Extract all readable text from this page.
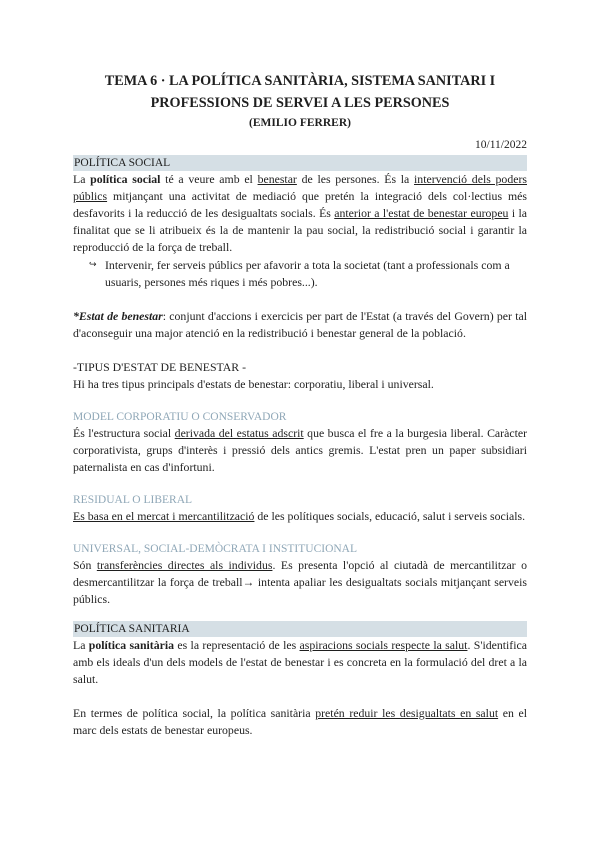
TEMA 6 · LA POLÍTICA SANITÀRIA, SISTEMA SANITARI I
PROFESSIONS DE SERVEI A LES PERSONES
(EMILIO FERRER)
10/11/2022
POLÍTICA SOCIAL

La política social té a veure amb el benestar de les persones. És la intervenció dels poders públics mitjançant una activitat de mediació que pretén la integració dels col·lectius més desfavorits i la reducció de les desigualtats socials. És anterior a l'estat de benestar europeu i la finalitat que se li atribueix és la de mantenir la pau social, la redistribució social i garantir la reproducció de la força de treball.

↪ Intervenir, fer serveis públics per afavorir a tota la societat (tant a professionals com a usuaris, persones més riques i més pobres...).

*Estat de benestar: conjunt d'accions i exercicis per part de l'Estat (a través del Govern) per tal d'aconseguir una major atenció en la redistribució i benestar general de la població.

-TIPUS D'ESTAT DE BENESTAR -

Hi ha tres tipus principals d'estats de benestar: corporatiu, liberal i universal.

MODEL CORPORATIU O CONSERVADOR

És l'estructura social derivada del estatus adscrit que busca el fre a la burgesia liberal. Caràcter corporativista, grups d'interès i pressió dels antics gremis. L'estat pren un paper subsidiari paternalista en cas d'infortuni.

RESIDUAL O LIBERAL

Es basa en el mercat i mercantilització de les polítiques socials, educació, salut i serveis socials.

UNIVERSAL, SOCIAL-DEMÒCRATA I INSTITUCIONAL

Són transferències directes als individus. Es presenta l'opció al ciutadà de mercantilitzar o desmercantilitzar la força de treball→ intenta apaliar les desigualtats socials mitjançant serveis públics.

POLÍTICA SANITARIA

La política sanitària es la representació de les aspiracions socials respecte la salut. S'identifica amb els ideals d'un dels models de l'estat de benestar i es concreta en la formulació del dret a la salut.

En termes de política social, la política sanitària pretén reduir les desigualtats en salut en el marc dels estats de benestar europeus.
